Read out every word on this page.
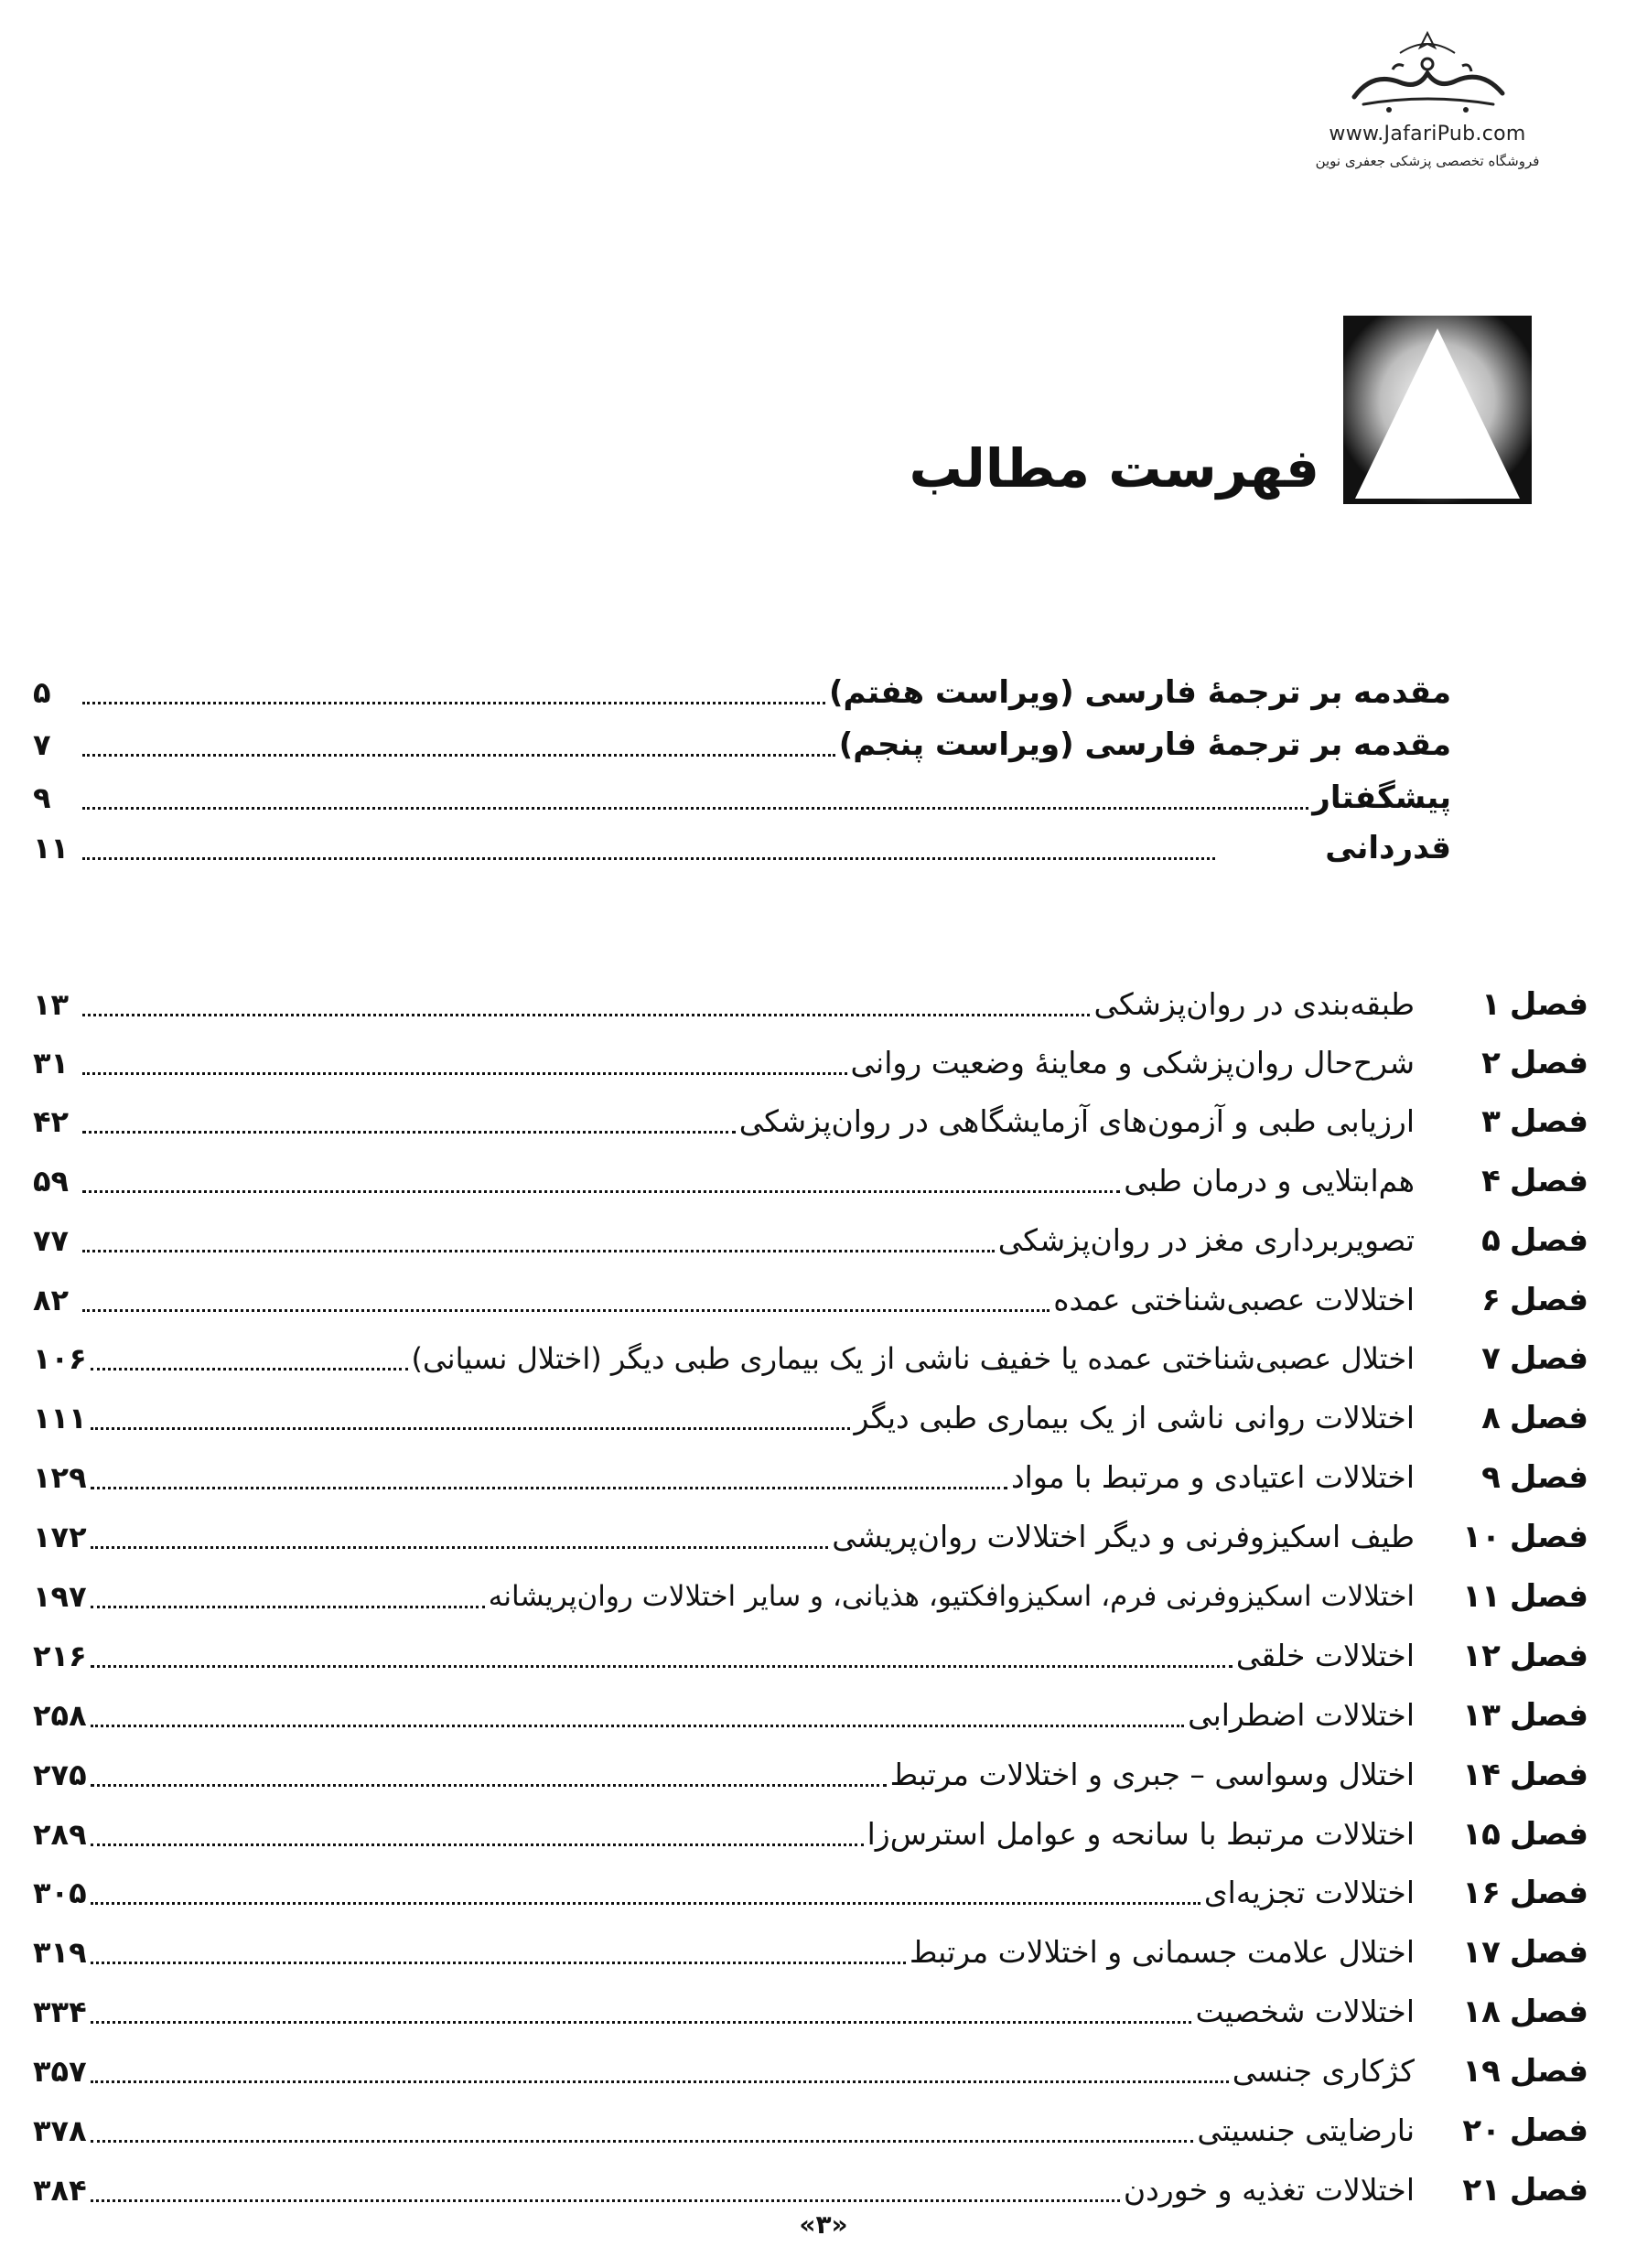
www.JafariPub.com
فروشگاه تخصصی پزشکی جعفری نوین
فهرست مطالب
مقدمه بر ترجمهٔ فارسی (ویراست هفتم)
۵
مقدمه بر ترجمهٔ فارسی (ویراست پنجم)
۷
پیشگفتار
۹
قدردانی
۱۱
فصل۱
طبقه‌بندی در روان‌پزشکی
۱۳
فصل۲
شرح‌حال روان‌پزشکی و معاینهٔ وضعیت روانی
۳۱
فصل۳
ارزیابی طبی و آزمون‌های آزمایشگاهی در روان‌پزشکی
۴۲
فصل۴
هم‌ابتلایی و درمان طبی
۵۹
فصل۵
تصویربرداری مغز در روان‌پزشکی
۷۷
فصل۶
اختلالات عصبی‌شناختی عمده
۸۲
فصل۷
اختلال عصبی‌شناختی عمده یا خفیف ناشی از یک بیماری طبی دیگر (اختلال نسیانی)
۱۰۶
فصل۸
اختلالات روانی ناشی از یک بیماری طبی دیگر
۱۱۱
فصل۹
اختلالات اعتیادی و مرتبط با مواد
۱۲۹
فصل۱۰
طیف اسکیزوفرنی و دیگر اختلالات روان‌پریشی
۱۷۲
فصل۱۱
اختلالات اسکیزوفرنی فرم، اسکیزوافکتیو، هذیانی، و سایر اختلالات روان‌پریشانه
۱۹۷
فصل۱۲
اختلالات خلقی
۲۱۶
فصل۱۳
اختلالات اضطرابی
۲۵۸
فصل۱۴
اختلال وسواسی – جبری و اختلالات مرتبط
۲۷۵
فصل۱۵
اختلالات مرتبط با سانحه و عوامل استرس‌زا
۲۸۹
فصل۱۶
اختلالات تجزیه‌ای
۳۰۵
فصل۱۷
اختلال علامت جسمانی و اختلالات مرتبط
۳۱۹
فصل۱۸
اختلالات شخصیت
۳۳۴
فصل۱۹
کژکاری جنسی
۳۵۷
فصل۲۰
نارضایتی جنسیتی
۳۷۸
فصل۲۱
اختلالات تغذیه و خوردن
۳۸۴
«۳»
